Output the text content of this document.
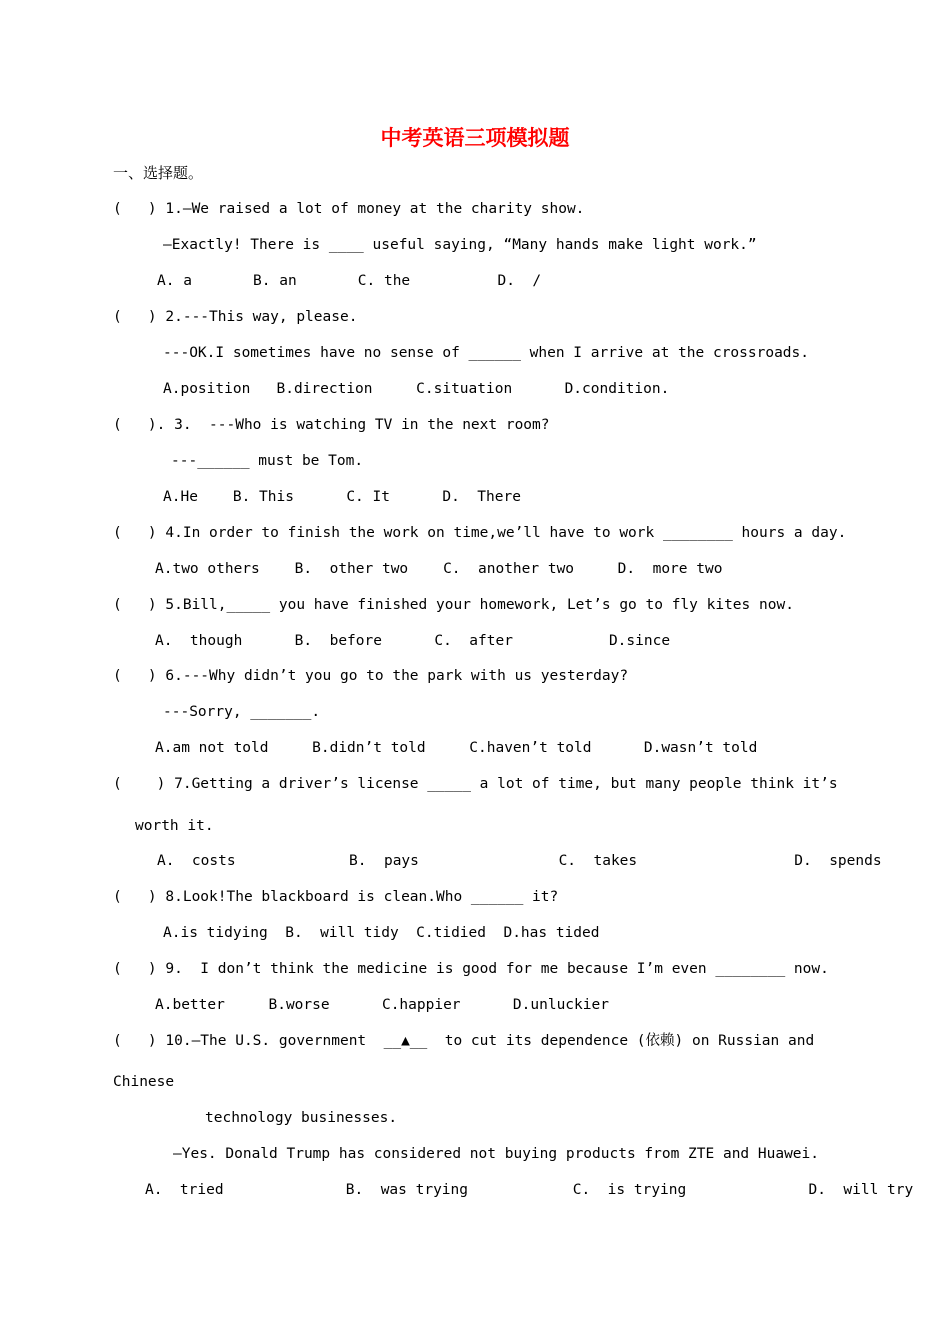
中考英语三项模拟题
一、选择题。
(   ) 1.—We raised a lot of money at the charity show.
—Exactly! There is ____ useful saying, “Many hands make light work.”
A. a       B. an       C. the          D.  /
(   ) 2.---This way, please.
---OK.I sometimes have no sense of ______ when I arrive at the crossroads.
A.position   B.direction     C.situation      D.condition.
(   ). 3.  ---Who is watching TV in the next room?
---______ must be Tom.
A.He    B. This      C. It      D.  There
(   ) 4.In order to finish the work on time,we’ll have to work ________ hours a day.
A.two others    B.  other two    C.  another two     D.  more two
(   ) 5.Bill,_____ you have finished your homework, Let’s go to fly kites now.
A.  though      B.  before      C.  after           D.since
(   ) 6.---Why didn’t you go to the park with us yesterday?
---Sorry, _______.
A.am not told     B.didn’t told     C.haven’t told      D.wasn’t told
(    ) 7.Getting a driver’s license _____ a lot of time, but many people think it’s
worth it.
A.  costs             B.  pays                C.  takes                  D.  spends
(   ) 8.Look!The blackboard is clean.Who ______ it?
A.is tidying  B.  will tidy  C.tidied  D.has tided
(   ) 9.  I don’t think the medicine is good for me because I’m even ________ now.
A.better     B.worse      C.happier      D.unluckier
(   ) 10.—The U.S. government  __▲__  to cut its dependence (依赖) on Russian and
Chinese
technology businesses.
—Yes. Donald Trump has considered not buying products from ZTE and Huawei.
A.  tried              B.  was trying            C.  is trying              D.  will try
